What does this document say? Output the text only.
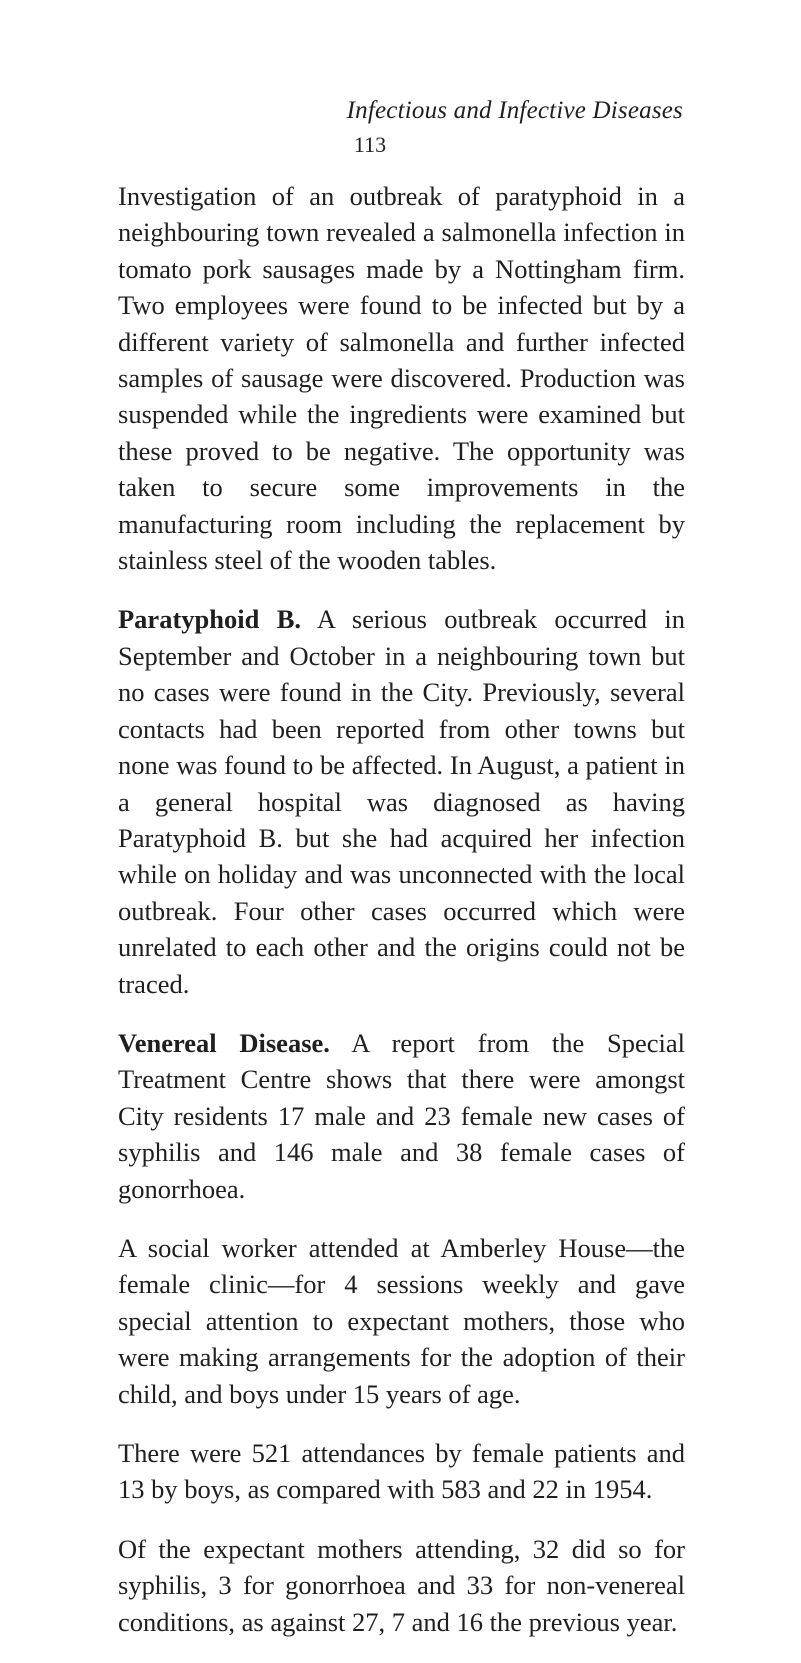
Infectious and Infective Diseases
113

Investigation of an outbreak of paratyphoid in a neighbouring town revealed a salmonella infection in tomato pork sausages made by a Nottingham firm. Two employees were found to be infected but by a different variety of salmonella and further infected samples of sausage were discovered. Production was suspended while the ingredients were examined but these proved to be negative. The opportunity was taken to secure some improvements in the manufacturing room including the replacement by stainless steel of the wooden tables.

Paratyphoid B. A serious outbreak occurred in September and October in a neighbouring town but no cases were found in the City. Previously, several contacts had been reported from other towns but none was found to be affected. In August, a patient in a general hospital was diagnosed as having Paratyphoid B. but she had acquired her infection while on holiday and was unconnected with the local outbreak. Four other cases occurred which were unrelated to each other and the origins could not be traced.

Venereal Disease. A report from the Special Treatment Centre shows that there were amongst City residents 17 male and 23 female new cases of syphilis and 146 male and 38 female cases of gonorrhoea.

A social worker attended at Amberley House—the female clinic—for 4 sessions weekly and gave special attention to expectant mothers, those who were making arrangements for the adoption of their child, and boys under 15 years of age.

There were 521 attendances by female patients and 13 by boys, as compared with 583 and 22 in 1954.

Of the expectant mothers attending, 32 did so for syphilis, 3 for gonorrhoea and 33 for non-venereal conditions, as against 27, 7 and 16 the previous year.
